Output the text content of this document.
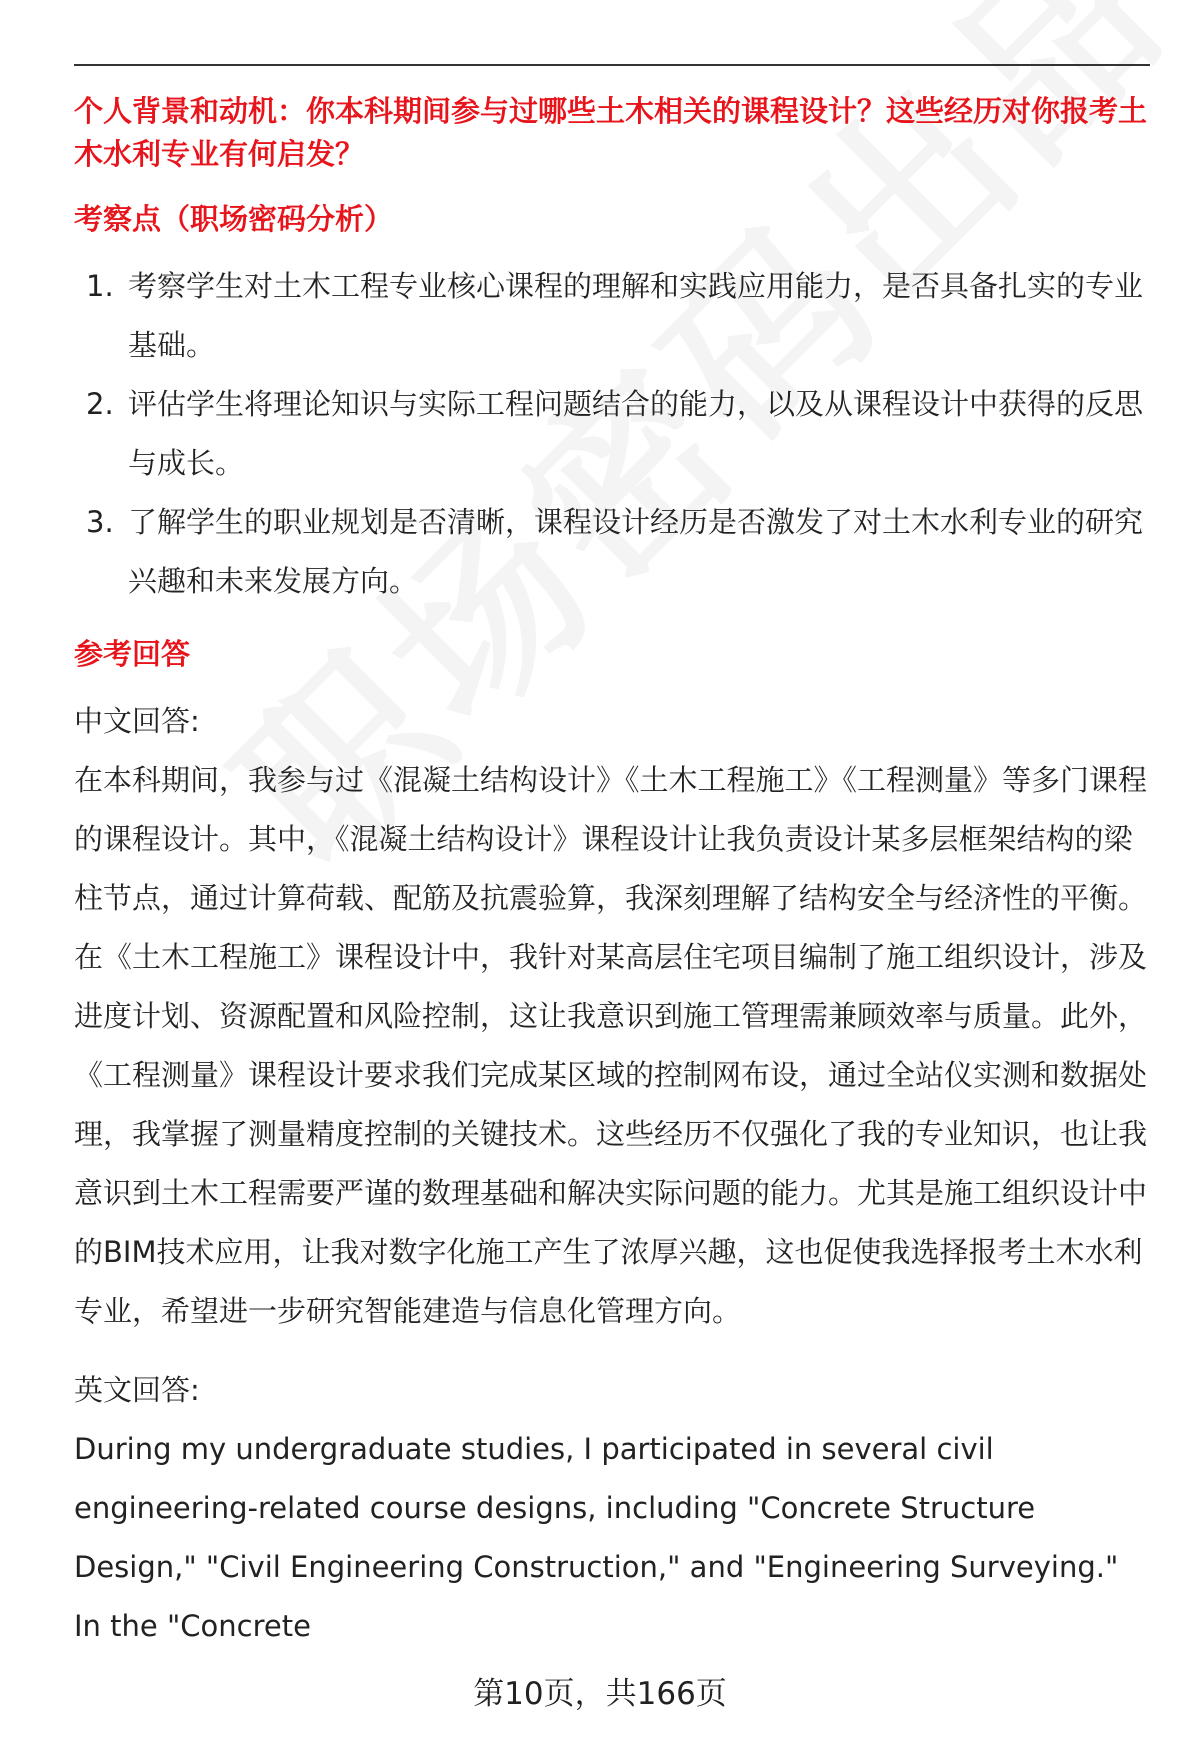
个人背景和动机：你本科期间参与过哪些土木相关的课程设计？这些经历对你报考土木水利专业有何启发？

考察点（职场密码分析）

1. 考察学生对土木工程专业核心课程的理解和实践应用能力，是否具备扎实的专业基础。
2. 评估学生将理论知识与实际工程问题结合的能力，以及从课程设计中获得的反思与成长。
3. 了解学生的职业规划是否清晰，课程设计经历是否激发了对土木水利专业的研究兴趣和未来发展方向。

参考回答

中文回答:

在本科期间，我参与过《混凝土结构设计》《土木工程施工》《工程测量》等多门课程的课程设计。其中，《混凝土结构设计》课程设计让我负责设计某多层框架结构的梁柱节点，通过计算荷载、配筋及抗震验算，我深刻理解了结构安全与经济性的平衡。在《土木工程施工》课程设计中，我针对某高层住宅项目编制了施工组织设计，涉及进度计划、资源配置和风险控制，这让我意识到施工管理需兼顾效率与质量。此外，《工程测量》课程设计要求我们完成某区域的控制网布设，通过全站仪实测和数据处理，我掌握了测量精度控制的关键技术。这些经历不仅强化了我的专业知识，也让我意识到土木工程需要严谨的数理基础和解决实际问题的能力。尤其是施工组织设计中的BIM技术应用，让我对数字化施工产生了浓厚兴趣，这也促使我选择报考土木水利专业，希望进一步研究智能建造与信息化管理方向。

英文回答:

During my undergraduate studies, I participated in several civil engineering-related course designs, including "Concrete Structure Design," "Civil Engineering Construction," and "Engineering Surveying." In the "Concrete

第10页，共166页
